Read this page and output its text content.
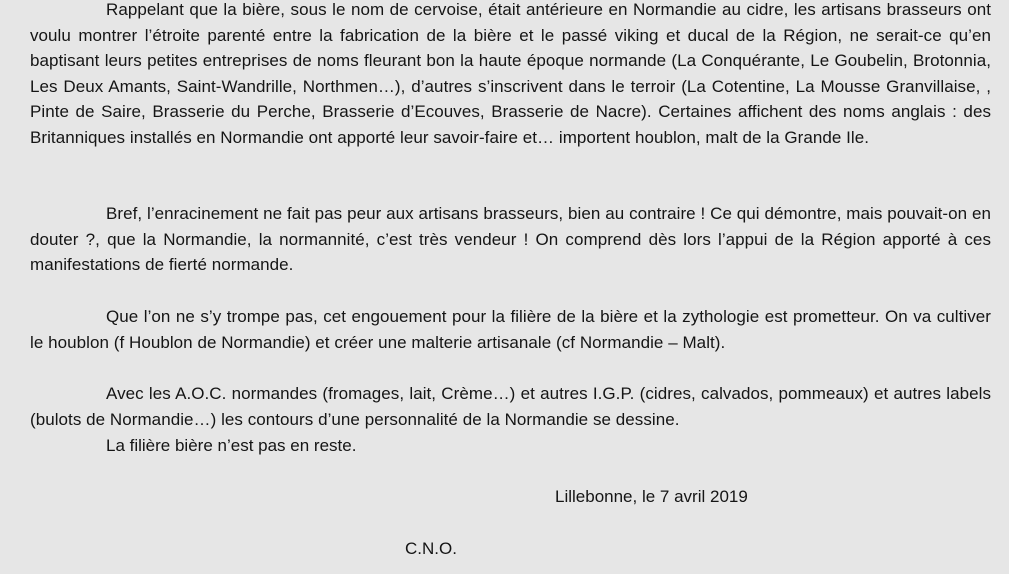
Rappelant que la bière, sous le nom de cervoise, était antérieure en Normandie au cidre, les artisans brasseurs ont voulu montrer l’étroite parenté entre la fabrication de la bière et le passé viking et ducal de la Région, ne serait-ce qu’en baptisant leurs petites entreprises de noms fleurant bon la haute époque normande (La Conquérante, Le Goubelin, Brotonnia, Les Deux Amants, Saint-Wandrille, Northmen…), d’autres s’inscrivent dans le terroir (La Cotentine, La Mousse Granvillaise, , Pinte de Saire, Brasserie du Perche, Brasserie d’Ecouves, Brasserie de Nacre). Certaines affichent des noms anglais : des Britanniques installés en Normandie ont apporté leur savoir-faire et… importent houblon, malt de la Grande Ile.

Bref, l’enracinement ne fait pas peur aux artisans brasseurs, bien au contraire ! Ce qui démontre, mais pouvait-on en douter ?, que la Normandie, la normannité, c’est très vendeur ! On comprend dès lors l’appui de la Région apporté à ces manifestations de fierté normande.

Que l’on ne s’y trompe pas, cet engouement pour la filière de la bière et la zythologie est prometteur. On va cultiver le houblon (f Houblon de Normandie) et créer une malterie artisanale (cf Normandie – Malt).

Avec les A.O.C. normandes (fromages, lait, Crème…) et autres I.G.P. (cidres, calvados, pommeaux) et autres labels (bulots de Normandie…) les contours d’une personnalité de la Normandie se dessine.

La filière bière n’est pas en reste.
Lillebonne, le 7 avril 2019
C.N.O.
